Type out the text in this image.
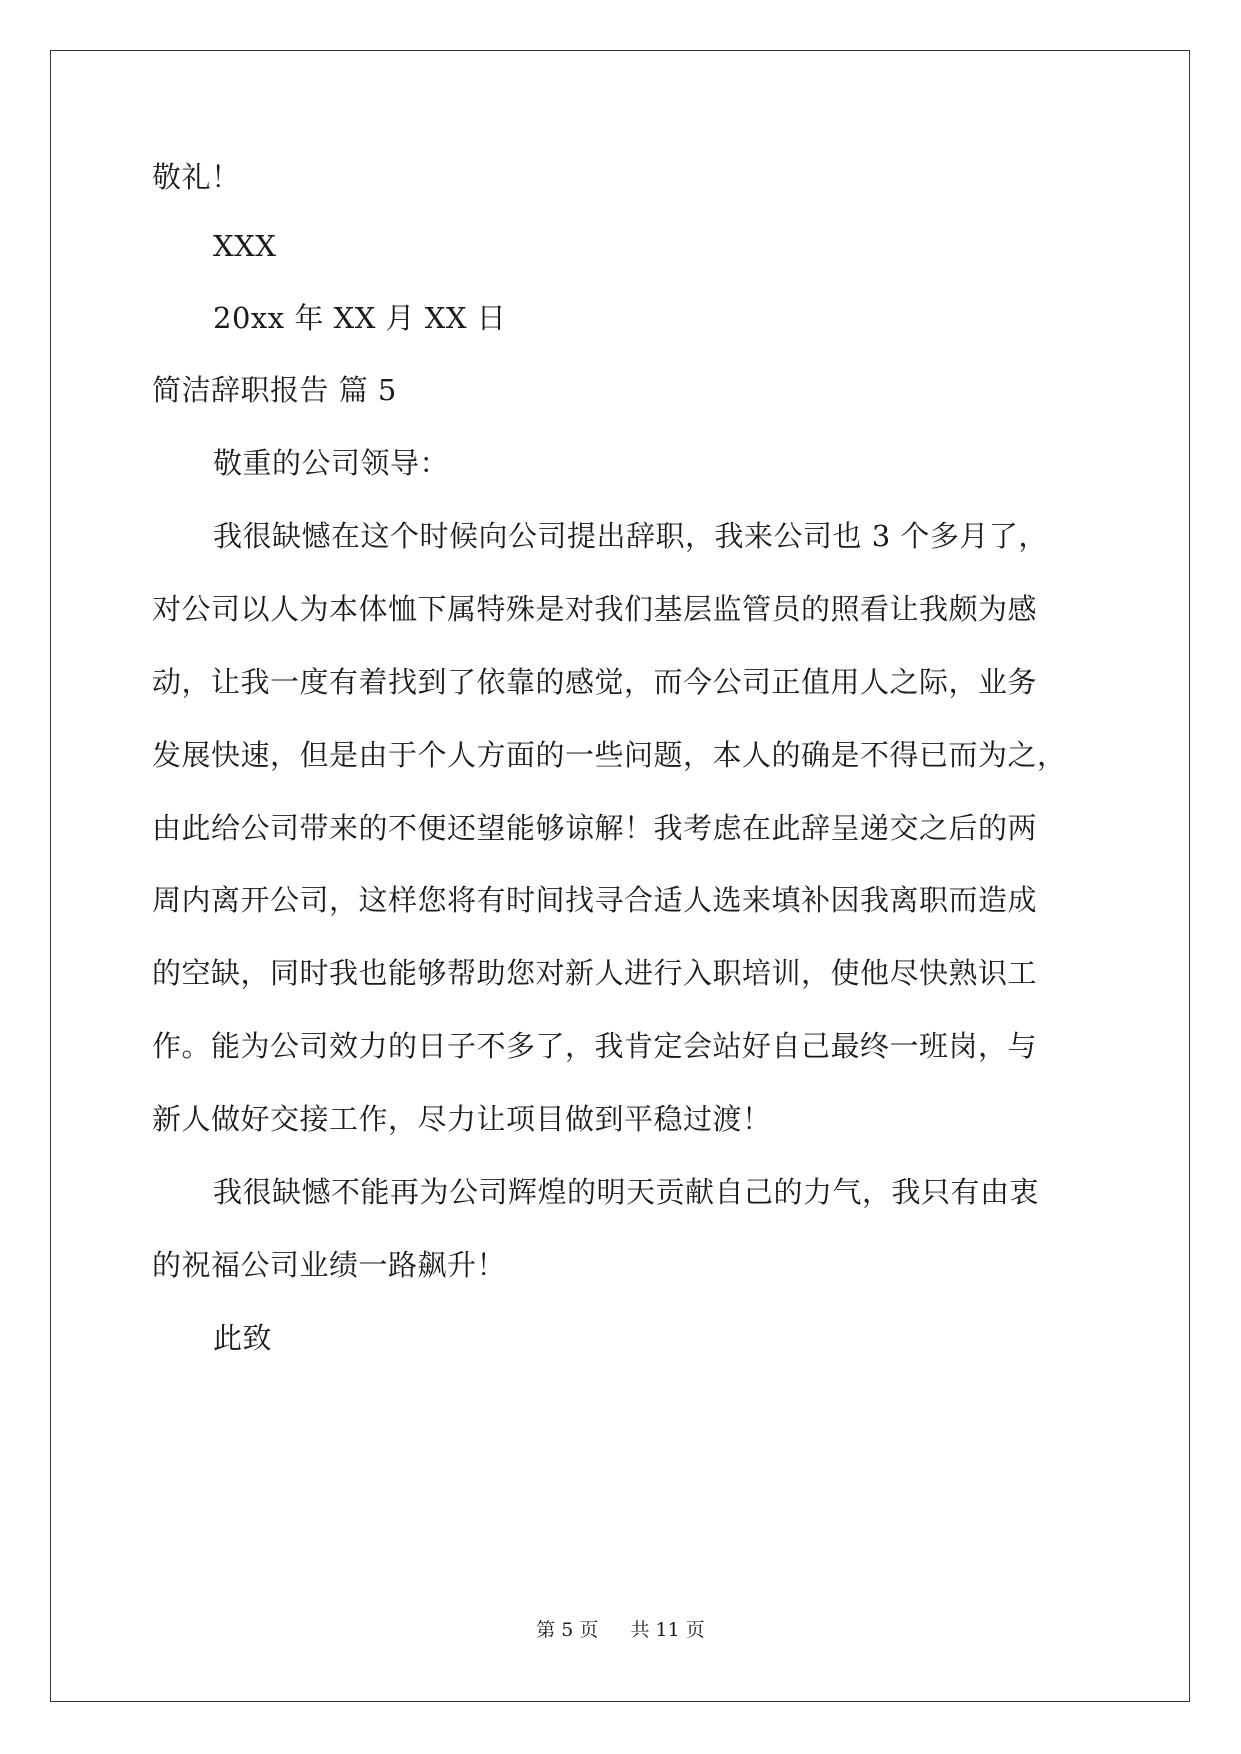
敬礼！
XXX
20xx 年 XX 月 XX 日
简洁辞职报告 篇 5
敬重的公司领导：
我很缺憾在这个时候向公司提出辞职，我来公司也 3 个多月了，
对公司以人为本体恤下属特殊是对我们基层监管员的照看让我颇为感
动，让我一度有着找到了依靠的感觉，而今公司正值用人之际，业务
发展快速，但是由于个人方面的一些问题，本人的确是不得已而为之，
由此给公司带来的不便还望能够谅解！我考虑在此辞呈递交之后的两
周内离开公司，这样您将有时间找寻合适人选来填补因我离职而造成
的空缺，同时我也能够帮助您对新人进行入职培训，使他尽快熟识工
作。能为公司效力的日子不多了，我肯定会站好自己最终一班岗，与
新人做好交接工作，尽力让项目做到平稳过渡！
我很缺憾不能再为公司辉煌的明天贡献自己的力气，我只有由衷
的祝福公司业绩一路飙升！
此致
第 5 页 共 11 页
